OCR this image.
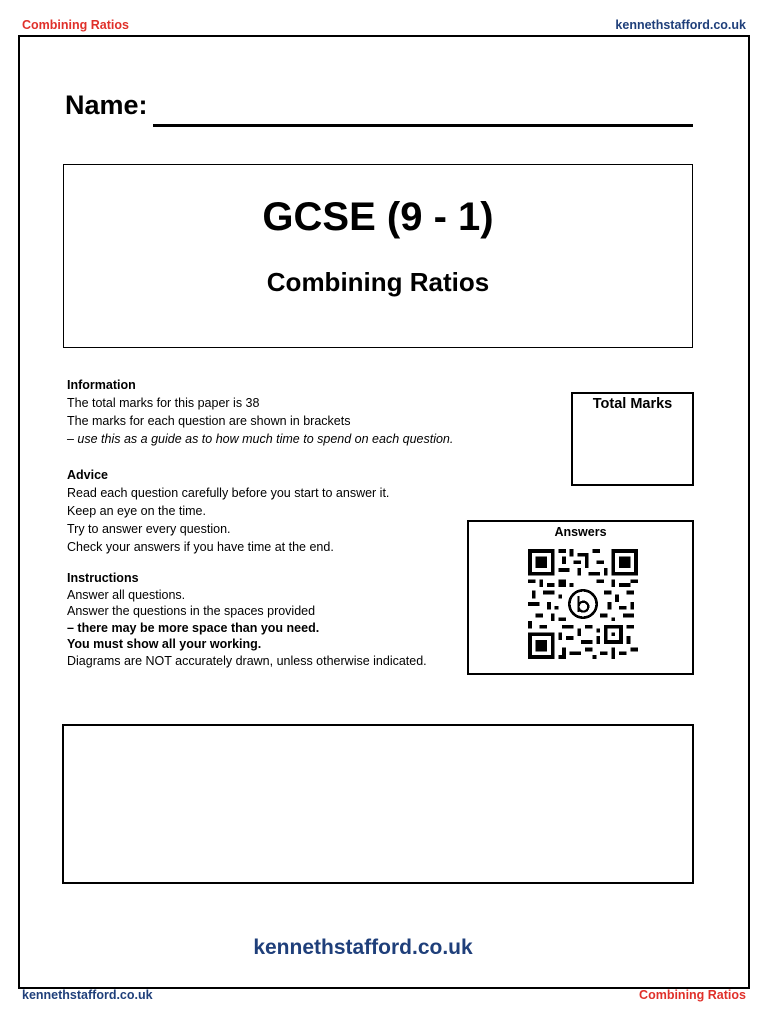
Combining Ratios	kennethstafford.co.uk
Name:
GCSE (9 - 1)
Combining Ratios
Information
The total marks for this paper is 38
The marks for each question are shown in brackets
– use this as a guide as to how much time to spend on each question.
Advice
Read each question carefully before you start to answer it.
Keep an eye on the time.
Try to answer every question.
Check your answers if you have time at the end.
Instructions
Answer all questions.
Answer the questions in the spaces provided
– there may be more space than you need.
You must show all your working.
Diagrams are NOT accurately drawn, unless otherwise indicated.
Total Marks
Answers
kennethstafford.co.uk
kennethstafford.co.uk	Combining Ratios
